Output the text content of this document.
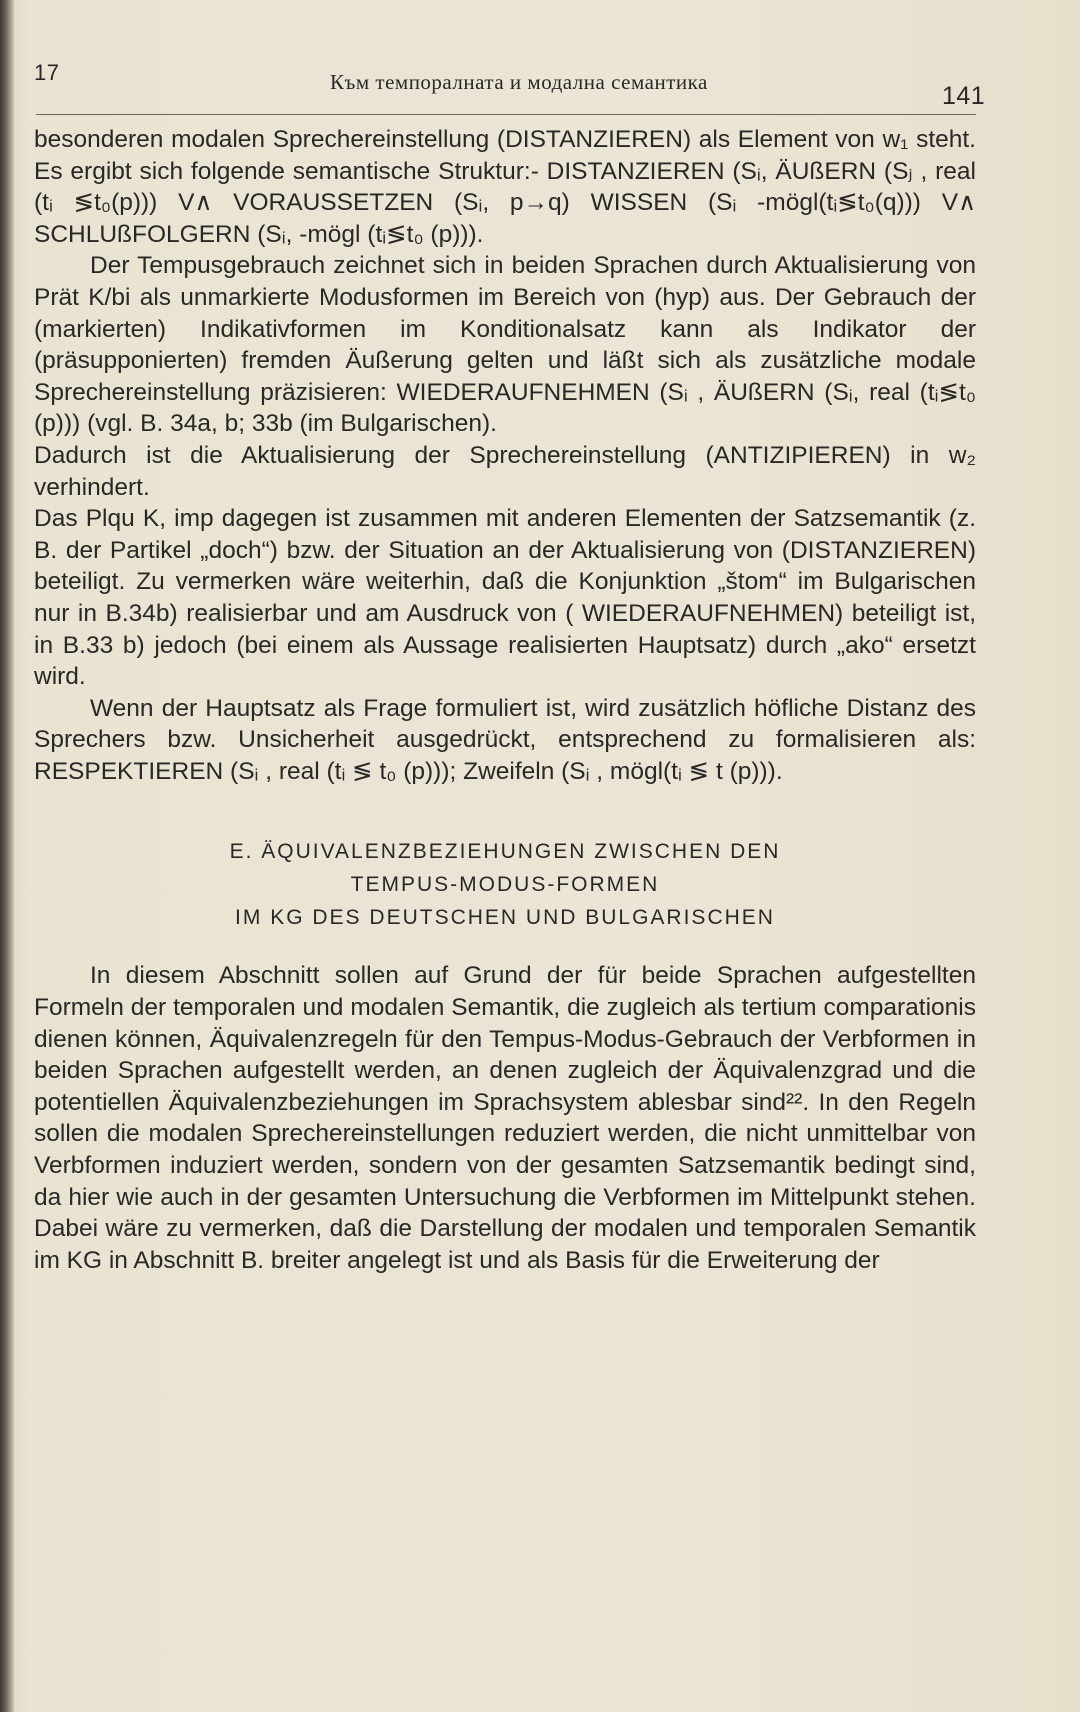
17	Към темпоралната и модална семантика	141

besonderen modalen Sprechereinstellung (DISTANZIEREN) als Element von w₁ steht. Es ergibt sich folgende semantische Struktur:- DISTANZIEREN (Sᵢ, ÄUßERN (Sⱼ , real (tᵢ ≶t₀(p))) V∧ VORAUSSETZEN (Sᵢ, p→q) WISSEN (Sᵢ -mögl(tᵢ≶t₀(q))) V∧ SCHLUßFOLGERN (Sᵢ, -mögl (tᵢ≶t₀ (p))).

Der Tempusgebrauch zeichnet sich in beiden Sprachen durch Aktualisierung von Prät K/bi als unmarkierte Modusformen im Bereich von (hyp) aus. Der Gebrauch der (markierten) Indikativformen im Konditionalsatz kann als Indikator der (präsupponierten) fremden Äußerung gelten und läßt sich als zusätzliche modale Sprechereinstellung präzisieren: WIEDERAUFNEHMEN (Sᵢ , ÄUßERN (Sᵢ, real (tᵢ≶t₀ (p))) (vgl. B. 34a, b; 33b (im Bulgarischen).

Dadurch ist die Aktualisierung der Sprechereinstellung (ANTIZIPIEREN) in w₂ verhindert.

Das Plqu K, imp dagegen ist zusammen mit anderen Elementen der Satzsemantik (z. B. der Partikel „doch“) bzw. der Situation an der Aktualisierung von (DISTANZIEREN) beteiligt. Zu vermerken wäre weiterhin, daß die Konjunktion „štom“ im Bulgarischen nur in B.34b) realisierbar und am Ausdruck von ( WIEDERAUFNEHMEN) beteiligt ist, in B.33 b) jedoch (bei einem als Aussage realisierten Hauptsatz) durch „ako“ ersetzt wird.

Wenn der Hauptsatz als Frage formuliert ist, wird zusätzlich höfliche Distanz des Sprechers bzw. Unsicherheit ausgedrückt, entsprechend zu formalisieren als: RESPEKTIEREN (Sᵢ , real (tᵢ ≶ t₀ (p))); Zweifeln (Sᵢ , mögl(tᵢ ≶ t (p))).

E. ÄQUIVALENZBEZIEHUNGEN ZWISCHEN DEN
TEMPUS-MODUS-FORMEN
IM KG DES DEUTSCHEN UND BULGARISCHEN

In diesem Abschnitt sollen auf Grund der für beide Sprachen aufgestellten Formeln der temporalen und modalen Semantik, die zugleich als tertium comparationis dienen können, Äquivalenzregeln für den Tempus-Modus-Gebrauch der Verbformen in beiden Sprachen aufgestellt werden, an denen zugleich der Äquivalenzgrad und die potentiellen Äquivalenzbeziehungen im Sprachsystem ablesbar sind²². In den Regeln sollen die modalen Sprechereinstellungen reduziert werden, die nicht unmittelbar von Verbformen induziert werden, sondern von der gesamten Satzsemantik bedingt sind, da hier wie auch in der gesamten Untersuchung die Verbformen im Mittelpunkt stehen. Dabei wäre zu vermerken, daß die Darstellung der modalen und temporalen Semantik im KG in Abschnitt B. breiter angelegt ist und als Basis für die Erweiterung der
